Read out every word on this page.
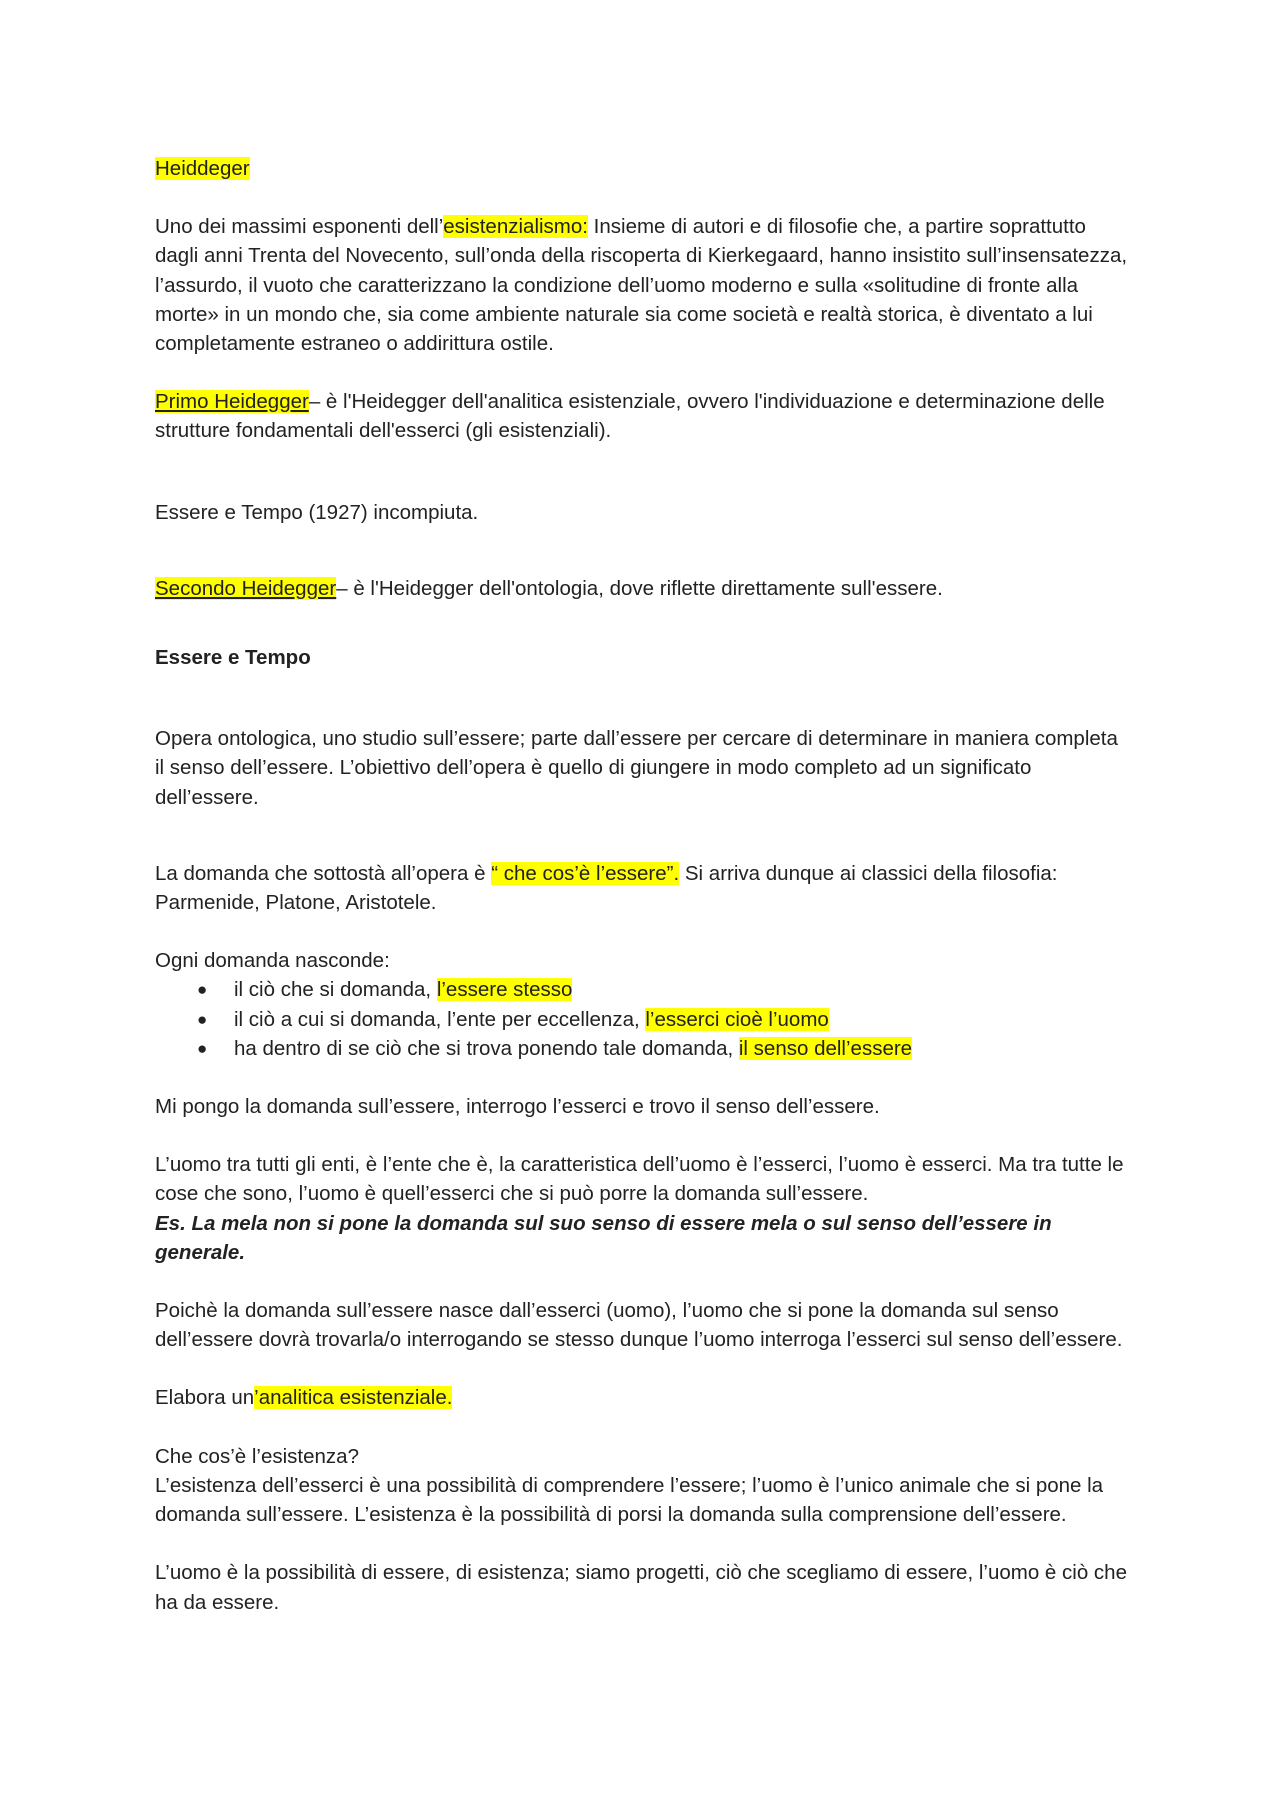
Heiddeger

Uno dei massimi esponenti dell’esistenzialismo: Insieme di autori e di filosofie che, a partire soprattutto dagli anni Trenta del Novecento, sull’onda della riscoperta di Kierkegaard, hanno insistito sull’insensatezza, l’assurdo, il vuoto che caratterizzano la condizione dell’uomo moderno e sulla «solitudine di fronte alla morte» in un mondo che, sia come ambiente naturale sia come società e realtà storica, è diventato a lui completamente estraneo o addirittura ostile.

Primo Heidegger– è l'Heidegger dell'analitica esistenziale, ovvero l'individuazione e determinazione delle strutture fondamentali dell'esserci (gli esistenziali).

Essere e Tempo (1927) incompiuta.

Secondo Heidegger– è l'Heidegger dell'ontologia, dove riflette direttamente sull'essere.

Essere e Tempo

Opera ontologica, uno studio sull’essere; parte dall’essere per cercare di determinare in maniera completa il senso dell’essere. L’obiettivo dell’opera è quello di giungere in modo completo ad un significato dell’essere.

La domanda che sottostà all’opera è “ che cos’è l’essere”. Si arriva dunque ai classici della filosofia: Parmenide, Platone, Aristotele.

Ogni domanda nasconde:

● il ciò che si domanda, l’essere stesso
● il ciò a cui si domanda, l’ente per eccellenza, l’esserci cioè l’uomo
● ha dentro di se ciò che si trova ponendo tale domanda, il senso dell’essere

Mi pongo la domanda sull’essere, interrogo l’esserci e trovo il senso dell’essere.

L’uomo tra tutti gli enti, è l’ente che è, la caratteristica dell’uomo è l’esserci, l’uomo è esserci. Ma tra tutte le cose che sono, l’uomo è quell’esserci che si può porre la domanda sull’essere.

Es. La mela non si pone la domanda sul suo senso di essere mela o sul senso dell’essere in generale.

Poichè la domanda sull’essere nasce dall’esserci (uomo), l’uomo che si pone la domanda sul senso dell’essere dovrà trovarla/o interrogando se stesso dunque l’uomo interroga l’esserci sul senso dell’essere.

Elabora un’analitica esistenziale.

Che cos’è l’esistenza?

L’esistenza dell’esserci è una possibilità di comprendere l’essere; l’uomo è l’unico animale che si pone la domanda sull’essere. L’esistenza è la possibilità di porsi la domanda sulla comprensione dell’essere.

L’uomo è la possibilità di essere, di esistenza; siamo progetti, ciò che scegliamo di essere, l’uomo è ciò che ha da essere.
